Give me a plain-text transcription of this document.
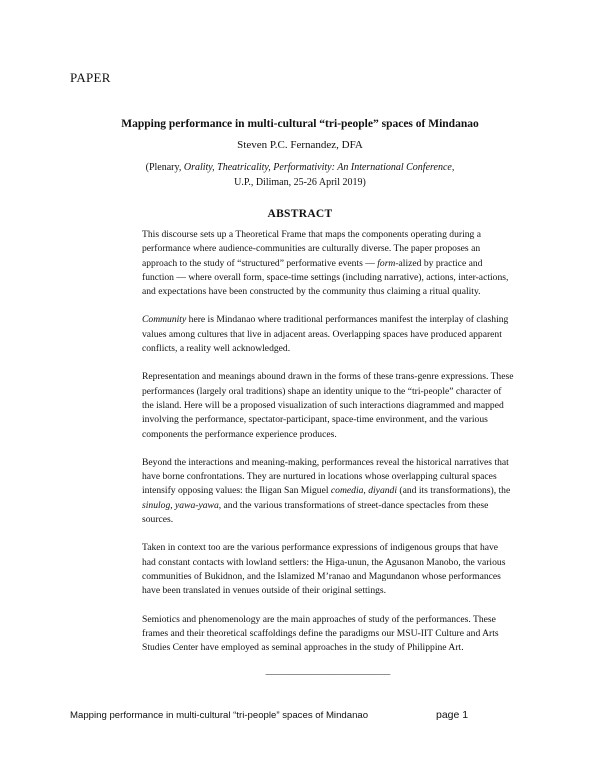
PAPER
Mapping performance in multi-cultural “tri-people” spaces of Mindanao
Steven P.C. Fernandez, DFA
(Plenary, Orality, Theatricality, Performativity: An International Conference,
U.P., Diliman, 25-26 April 2019)
ABSTRACT

This discourse sets up a Theoretical Frame that maps the components operating during a performance where audience-communities are culturally diverse. The paper proposes an approach to the study of “structured” performative events — form-alized by practice and function — where overall form, space-time settings (including narrative), actions, inter-actions, and expectations have been constructed by the community thus claiming a ritual quality.

Community here is Mindanao where traditional performances manifest the interplay of clashing values among cultures that live in adjacent areas. Overlapping spaces have produced apparent conflicts, a reality well acknowledged.

Representation and meanings abound drawn in the forms of these trans-genre expressions. These performances (largely oral traditions) shape an identity unique to the “tri-people” character of the island. Here will be a proposed visualization of such interactions diagrammed and mapped involving the performance, spectator-participant, space-time environment, and the various components the performance experience produces.

Beyond the interactions and meaning-making, performances reveal the historical narratives that have borne confrontations. They are nurtured in locations whose overlapping cultural spaces intensify opposing values: the Iligan San Miguel comedia, diyandi (and its transformations), the sinulog, yawa-yawa, and the various transformations of street-dance spectacles from these sources.

Taken in context too are the various performance expressions of indigenous groups that have had constant contacts with lowland settlers: the Higa-unun, the Agusanon Manobo, the various communities of Bukidnon, and the Islamized M’ranao and Magundanon whose performances have been translated in venues outside of their original settings.

Semiotics and phenomenology are the main approaches of study of the performances. These frames and their theoretical scaffoldings define the paradigms our MSU-IIT Culture and Arts Studies Center have employed as seminal approaches in the study of Philippine Art.

—————————————
Mapping performance in multi-cultural “tri-people” spaces of Mindanao	page 1
